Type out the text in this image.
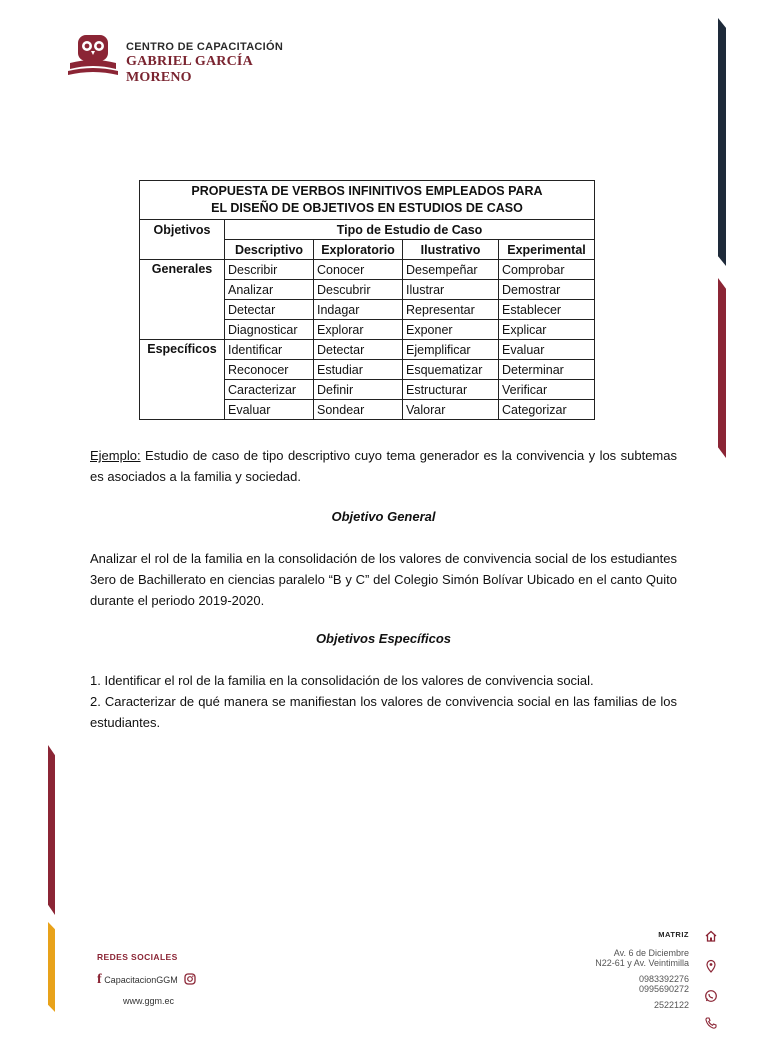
CENTRO DE CAPACITACIÓN
GABRIEL GARCÍA MORENO
PROPUESTA DE VERBOS INFINITIVOS EMPLEADOS PARA
EL DISEÑO DE OBJETIVOS EN ESTUDIOS DE CASO				

Objetivos	Tipo de Estudio de Caso			
	Descriptivo	Exploratorio	Ilustrativo	Experimental
Generales	Describir	Conocer	Desempeñar	Comprobar
	Analizar	Descubrir	Ilustrar	Demostrar
	Detectar	Indagar	Representar	Establecer
	Diagnosticar	Explorar	Exponer	Explicar
Específicos	Identificar	Detectar	Ejemplificar	Evaluar
	Reconocer	Estudiar	Esquematizar	Determinar
	Caracterizar	Definir	Estructurar	Verificar
	Evaluar	Sondear	Valorar	Categorizar
Ejemplo: Estudio de caso de tipo descriptivo cuyo tema generador es la convivencia y los subtemas es asociados a la familia y sociedad.
Objetivo General
Analizar el rol de la familia en la consolidación de los valores de convivencia social de los estudiantes 3ero de Bachillerato en ciencias paralelo “B y C” del Colegio Simón Bolívar Ubicado en el canto Quito durante el periodo 2019-2020.
Objetivos Específicos
1. Identificar el rol de la familia en la consolidación de los valores de convivencia social.
2. Caracterizar de qué manera se manifiestan los valores de convivencia social en las familias de los estudiantes.
REDES SOCIALES
f CapacitacionGGM
www.ggm.ec
MATRIZ
Av. 6 de Diciembre
N22-61 y Av. Veintimilla
0983392276
0995690272
2522122
